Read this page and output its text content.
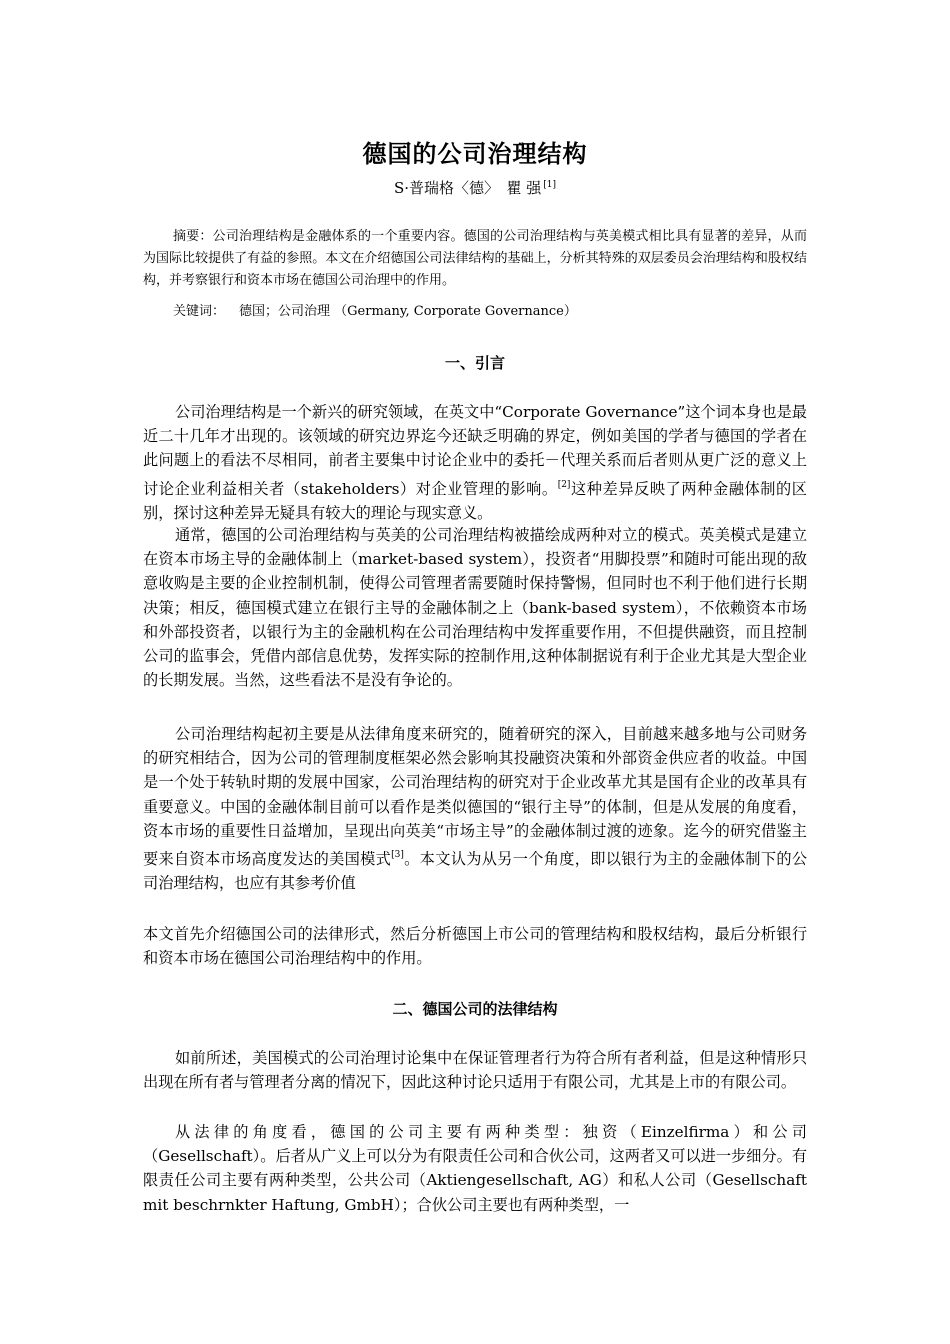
德国的公司治理结构
S·普瑞格〈德〉　瞿 强 [1]

摘要：公司治理结构是金融体系的一个重要内容。德国的公司治理结构与英美模式相比具有显著的差异，从而为国际比较提供了有益的参照。本文在介绍德国公司法律结构的基础上，分析其特殊的双层委员会治理结构和股权结构，并考察银行和资本市场在德国公司治理中的作用。

关键词： 德国；公司治理 （Germany, Corporate Governance）
一、引言

公司治理结构是一个新兴的研究领域，在英文中“Corporate Governance”这个词本身也是最近二十几年才出现的。该领域的研究边界迄今还缺乏明确的界定，例如美国的学者与德国的学者在此问题上的看法不尽相同，前者主要集中讨论企业中的委托－代理关系而后者则从更广泛的意义上讨论企业利益相关者（stakeholders）对企业管理的影响。[2]这种差异反映了两种金融体制的区别，探讨这种差异无疑具有较大的理论与现实意义。

通常，德国的公司治理结构与英美的公司治理结构被描绘成两种对立的模式。英美模式是建立在资本市场主导的金融体制上（market-based system），投资者“用脚投票”和随时可能出现的敌意收购是主要的企业控制机制，使得公司管理者需要随时保持警惕，但同时也不利于他们进行长期决策；相反，德国模式建立在银行主导的金融体制之上（bank-based system），不依赖资本市场和外部投资者，以银行为主的金融机构在公司治理结构中发挥重要作用，不但提供融资，而且控制公司的监事会，凭借内部信息优势，发挥实际的控制作用,这种体制据说有利于企业尤其是大型企业的长期发展。当然，这些看法不是没有争论的。

公司治理结构起初主要是从法律角度来研究的，随着研究的深入，目前越来越多地与公司财务的研究相结合，因为公司的管理制度框架必然会影响其投融资决策和外部资金供应者的收益。中国是一个处于转轨时期的发展中国家，公司治理结构的研究对于企业改革尤其是国有企业的改革具有重要意义。中国的金融体制目前可以看作是类似德国的“银行主导”的体制，但是从发展的角度看，资本市场的重要性日益增加，呈现出向英美“市场主导”的金融体制过渡的迹象。迄今的研究借鉴主要来自资本市场高度发达的美国模式[3]。本文认为从另一个角度，即以银行为主的金融体制下的公司治理结构，也应有其参考价值

本文首先介绍德国公司的法律形式，然后分析德国上市公司的管理结构和股权结构，最后分析银行和资本市场在德国公司治理结构中的作用。

二、德国公司的法律结构

如前所述，美国模式的公司治理讨论集中在保证管理者行为符合所有者利益，但是这种情形只出现在所有者与管理者分离的情况下，因此这种讨论只适用于有限公司，尤其是上市的有限公司。

从法律的角度看，德国的公司主要有两种类型：独资（Einzelfirma）和公司（Gesellschaft）。后者从广义上可以分为有限责任公司和合伙公司，这两者又可以进一步细分。有限责任公司主要有两种类型，公共公司（Aktiengesellschaft, AG）和私人公司（Gesellschaft mit beschrnkter Haftung, GmbH）；合伙公司主要也有两种类型，一
